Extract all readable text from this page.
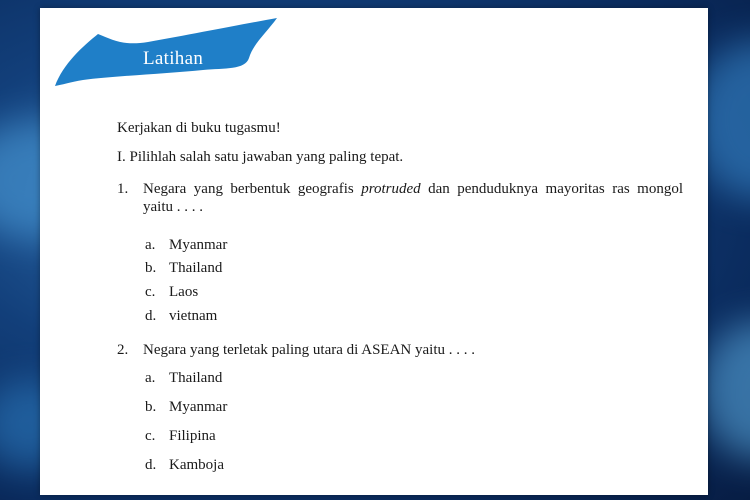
Latihan
Kerjakan di buku tugasmu!
I. Pilihlah salah satu jawaban yang paling tepat.
1. Negara yang berbentuk geografis protruded dan penduduknya mayoritas ras mongol yaitu . . . .
a. Myanmar
b. Thailand
c. Laos
d. vietnam
2. Negara yang terletak paling utara di ASEAN yaitu . . . .
a. Thailand
b. Myanmar
c. Filipina
d. Kamboja
